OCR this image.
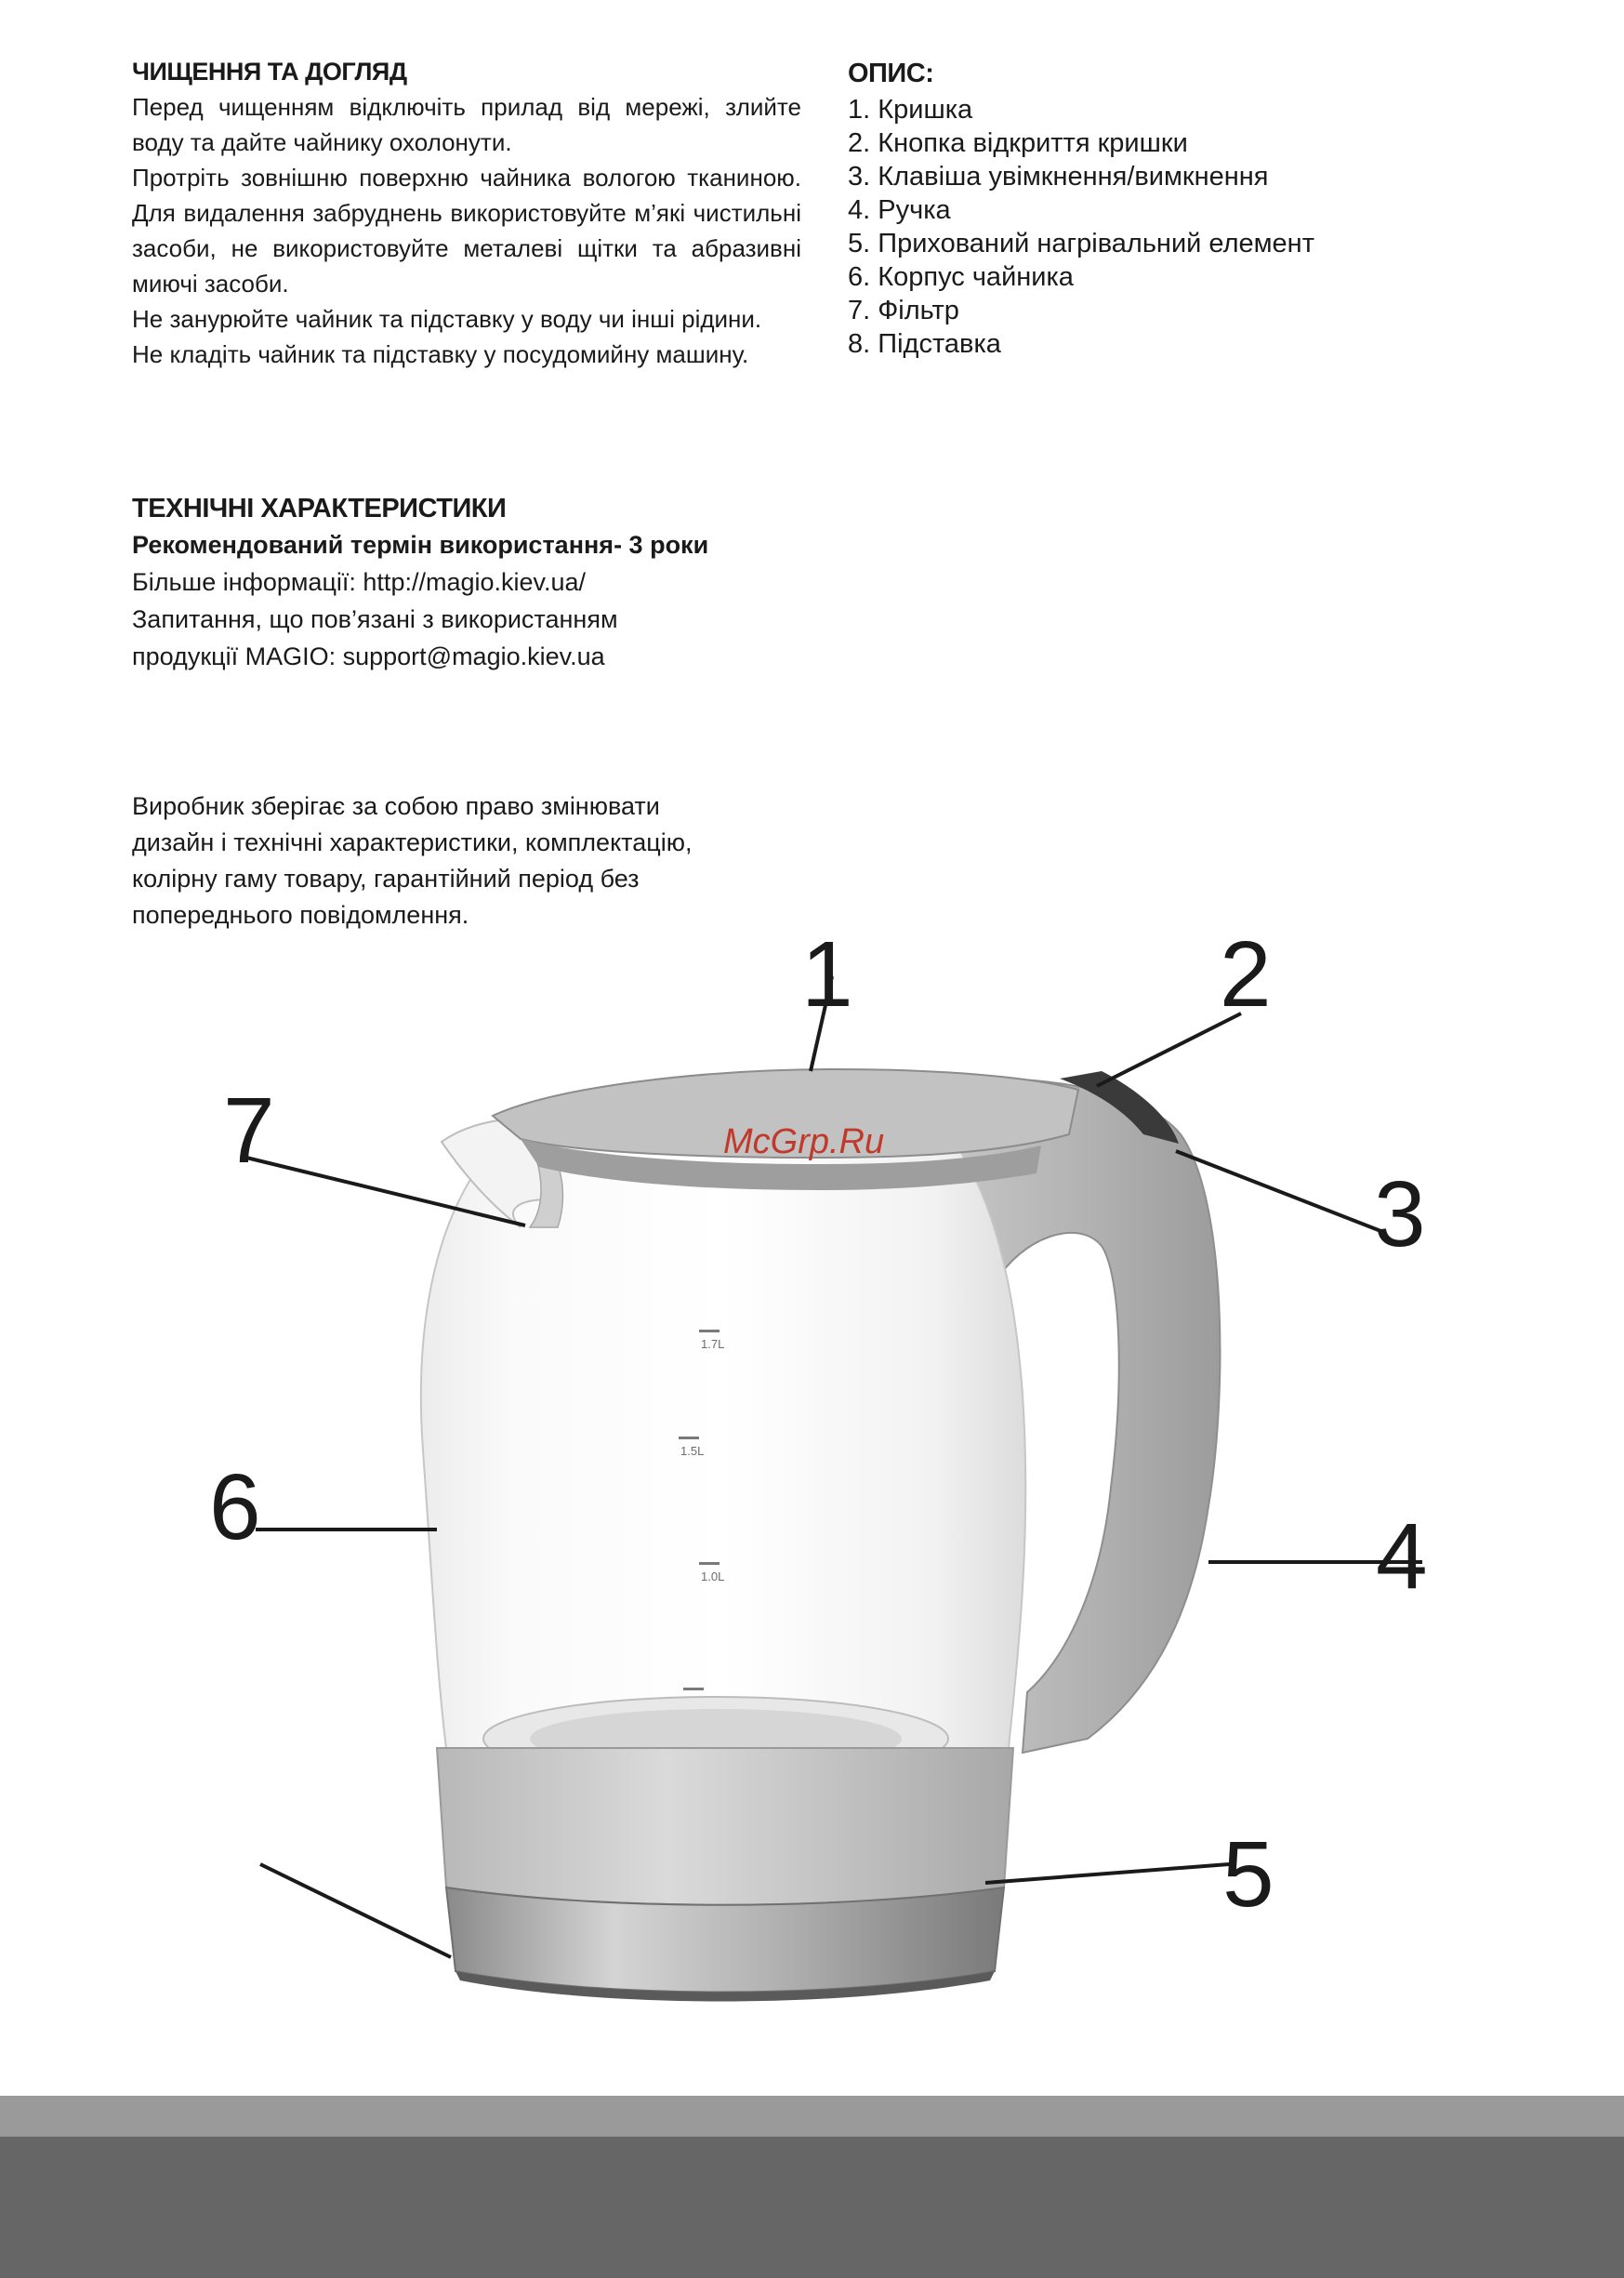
ЧИЩЕННЯ ТА ДОГЛЯД

Перед чищенням відключіть прилад від мережі, злийте воду та дайте чайнику охолонути.

Протріть зовнішню поверхню чайника вологою тканиною. Для видалення забруднень використовуйте м’які чистильні засоби, не використовуйте металеві щітки та абразивні миючі засоби.

Не занурюйте чайник та підставку у воду чи інші рідини.

Не кладіть чайник та підставку у посудомийну машину.

ТЕХНІЧНІ ХАРАКТЕРИСТИКИ

Рекомендований термін використання- 3 роки

Більше інформації: http://magio.kiev.ua/

Запитання, що пов’язані з використанням

продукції MAGIO: support@magio.kiev.ua

ОПИС:
1. Кришка
2. Кнопка відкриття кришки
3. Клавіша увімкнення/вимкнення
4. Ручка
5. Прихований нагрівальний елемент
6. Корпус чайника
7. Фільтр
8. Підставка

Виробник зберігає за собою право змінювати

дизайн і технічні характеристики, комплектацію,

колірну гаму товару, гарантійний період без

попереднього повідомлення.

1.7L
1.5L
1.0L
1	2
3
4
5
6
7	McGrp.Ru
